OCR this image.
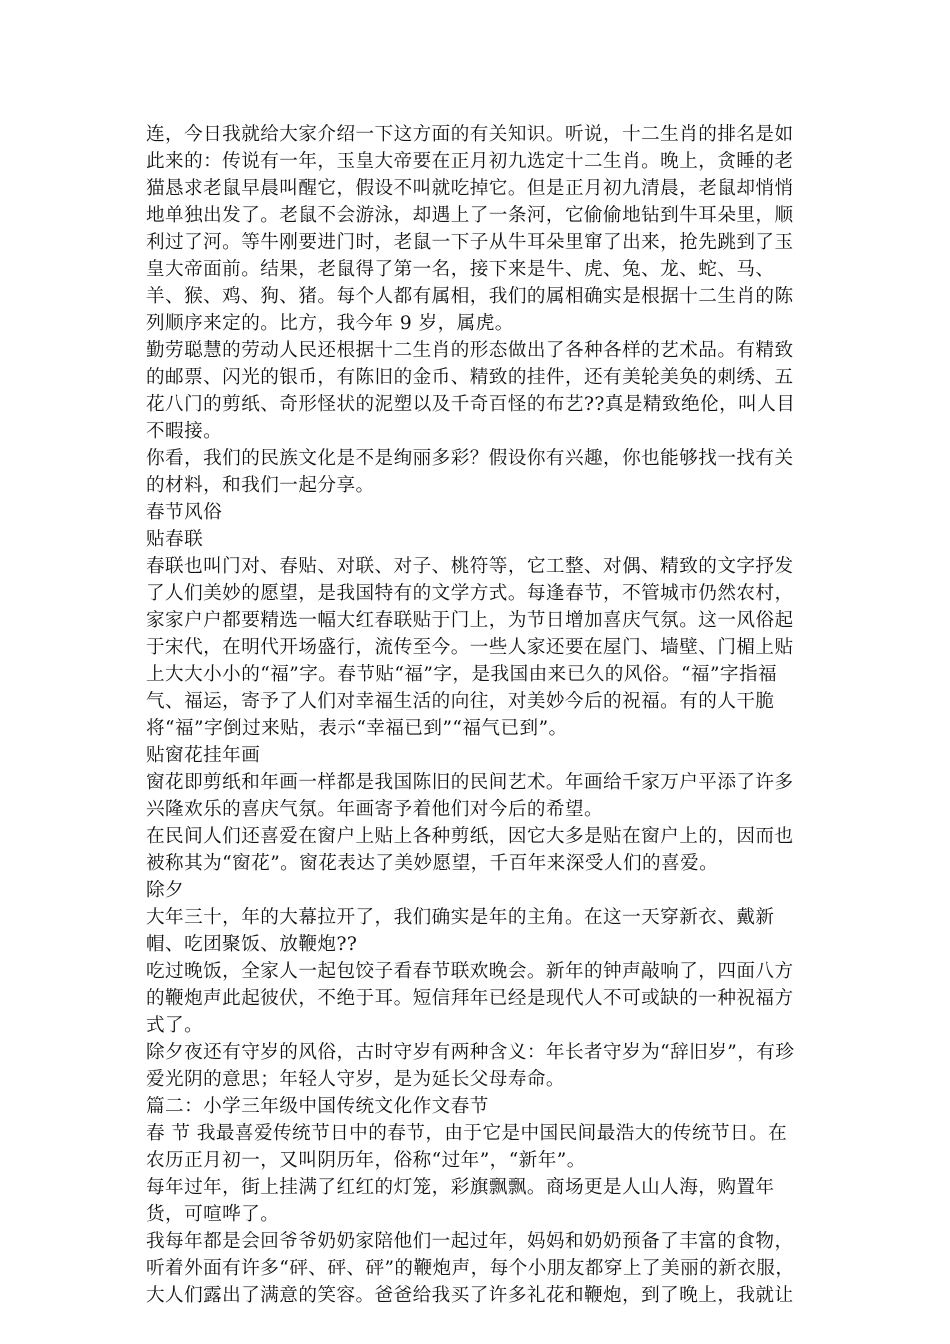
连，今日我就给大家介绍一下这方面的有关知识。听说，十二生肖的排名是如
此来的：传说有一年，玉皇大帝要在正月初九选定十二生肖。晚上，贪睡的老
猫恳求老鼠早晨叫醒它，假设不叫就吃掉它。但是正月初九清晨，老鼠却悄悄
地单独出发了。老鼠不会游泳，却遇上了一条河，它偷偷地钻到牛耳朵里，顺
利过了河。等牛刚要进门时，老鼠一下子从牛耳朵里窜了出来，抢先跳到了玉
皇大帝面前。结果，老鼠得了第一名，接下来是牛、虎、兔、龙、蛇、马、
羊、猴、鸡、狗、猪。每个人都有属相，我们的属相确实是根据十二生肖的陈
列顺序来定的。比方，我今年 9 岁，属虎。
勤劳聪慧的劳动人民还根据十二生肖的形态做出了各种各样的艺术品。有精致
的邮票、闪光的银币，有陈旧的金币、精致的挂件，还有美轮美奂的刺绣、五
花八门的剪纸、奇形怪状的泥塑以及千奇百怪的布艺??真是精致绝伦，叫人目
不暇接。
你看，我们的民族文化是不是绚丽多彩？假设你有兴趣，你也能够找一找有关
的材料，和我们一起分享。
春节风俗
贴春联
春联也叫门对、春贴、对联、对子、桃符等，它工整、对偶、精致的文字抒发
了人们美妙的愿望，是我国特有的文学方式。每逢春节，不管城市仍然农村，
家家户户都要精选一幅大红春联贴于门上，为节日增加喜庆气氛。这一风俗起
于宋代，在明代开场盛行，流传至今。一些人家还要在屋门、墙壁、门楣上贴
上大大小小的“福”字。春节贴“福”字，是我国由来已久的风俗。“福”字指福
气、福运，寄予了人们对幸福生活的向往，对美妙今后的祝福。有的人干脆
将“福”字倒过来贴，表示“幸福已到”“福气已到”。
贴窗花挂年画
窗花即剪纸和年画一样都是我国陈旧的民间艺术。年画给千家万户平添了许多
兴隆欢乐的喜庆气氛。年画寄予着他们对今后的希望。
在民间人们还喜爱在窗户上贴上各种剪纸，因它大多是贴在窗户上的，因而也
被称其为“窗花”。窗花表达了美妙愿望，千百年来深受人们的喜爱。
除夕
大年三十，年的大幕拉开了，我们确实是年的主角。在这一天穿新衣、戴新
帽、吃团聚饭、放鞭炮??
吃过晚饭，全家人一起包饺子看春节联欢晚会。新年的钟声敲响了，四面八方
的鞭炮声此起彼伏，不绝于耳。短信拜年已经是现代人不可或缺的一种祝福方
式了。
除夕夜还有守岁的风俗，古时守岁有两种含义：年长者守岁为“辞旧岁”，有珍
爱光阴的意思；年轻人守岁，是为延长父母寿命。
篇二：小学三年级中国传统文化作文春节
春 节 我最喜爱传统节日中的春节，由于它是中国民间最浩大的传统节日。在
农历正月初一，又叫阴历年，俗称“过年”，“新年”。
每年过年，街上挂满了红红的灯笼，彩旗飘飘。商场更是人山人海，购置年
货，可喧哗了。
我每年都是会回爷爷奶奶家陪他们一起过年，妈妈和奶奶预备了丰富的食物，
听着外面有许多“砰、砰、砰”的鞭炮声，每个小朋友都穿上了美丽的新衣服，
大人们露出了满意的笑容。爸爸给我买了许多礼花和鞭炮，到了晚上，我就让
